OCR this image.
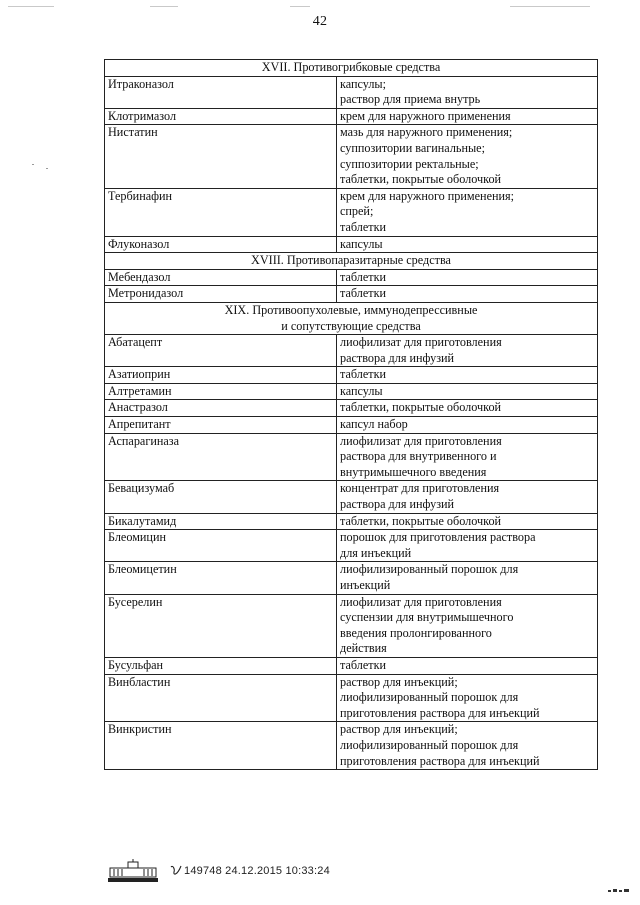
42
XVII. Противогрибковые средства	

Итраконазол	капсулы;
раствор для приема внутрь

Клотримазол	крем для наружного применения

Нистатин	мазь для наружного применения;
суппозитории вагинальные;
суппозитории ректальные;
таблетки, покрытые оболочкой

Тербинафин	крем для наружного применения;
спрей;
таблетки

Флуконазол	капсулы

XVIII. Противопаразитарные средства	

Мебендазол	таблетки

Метронидазол	таблетки

XIX. Противоопухолевые, иммунодепрессивные
и сопутствующие средства	

Абатацепт	лиофилизат для приготовления
раствора для инфузий

Азатиоприн	таблетки

Алтретамин	капсулы

Анастразол	таблетки, покрытые оболочкой

Апрепитант	капсул набор

Аспарагиназа	лиофилизат для приготовления
раствора для внутривенного и
внутримышечного введения

Бевацизумаб	концентрат для приготовления
раствора для инфузий

Бикалутамид	таблетки, покрытые оболочкой

Блеомицин	порошок для приготовления раствора
для инъекций

Блеомицетин	лиофилизированный порошок для
инъекций

Бусерелин	лиофилизат для приготовления
суспензии для внутримышечного
введения пролонгированного
действия

Бусульфан	таблетки

Винбластин	раствор для инъекций;
лиофилизированный порошок для
приготовления раствора для инъекций

Винкристин	раствор для инъекций;
лиофилизированный порошок для
приготовления раствора для инъекций
149748 24.12.2015 10:33:24
